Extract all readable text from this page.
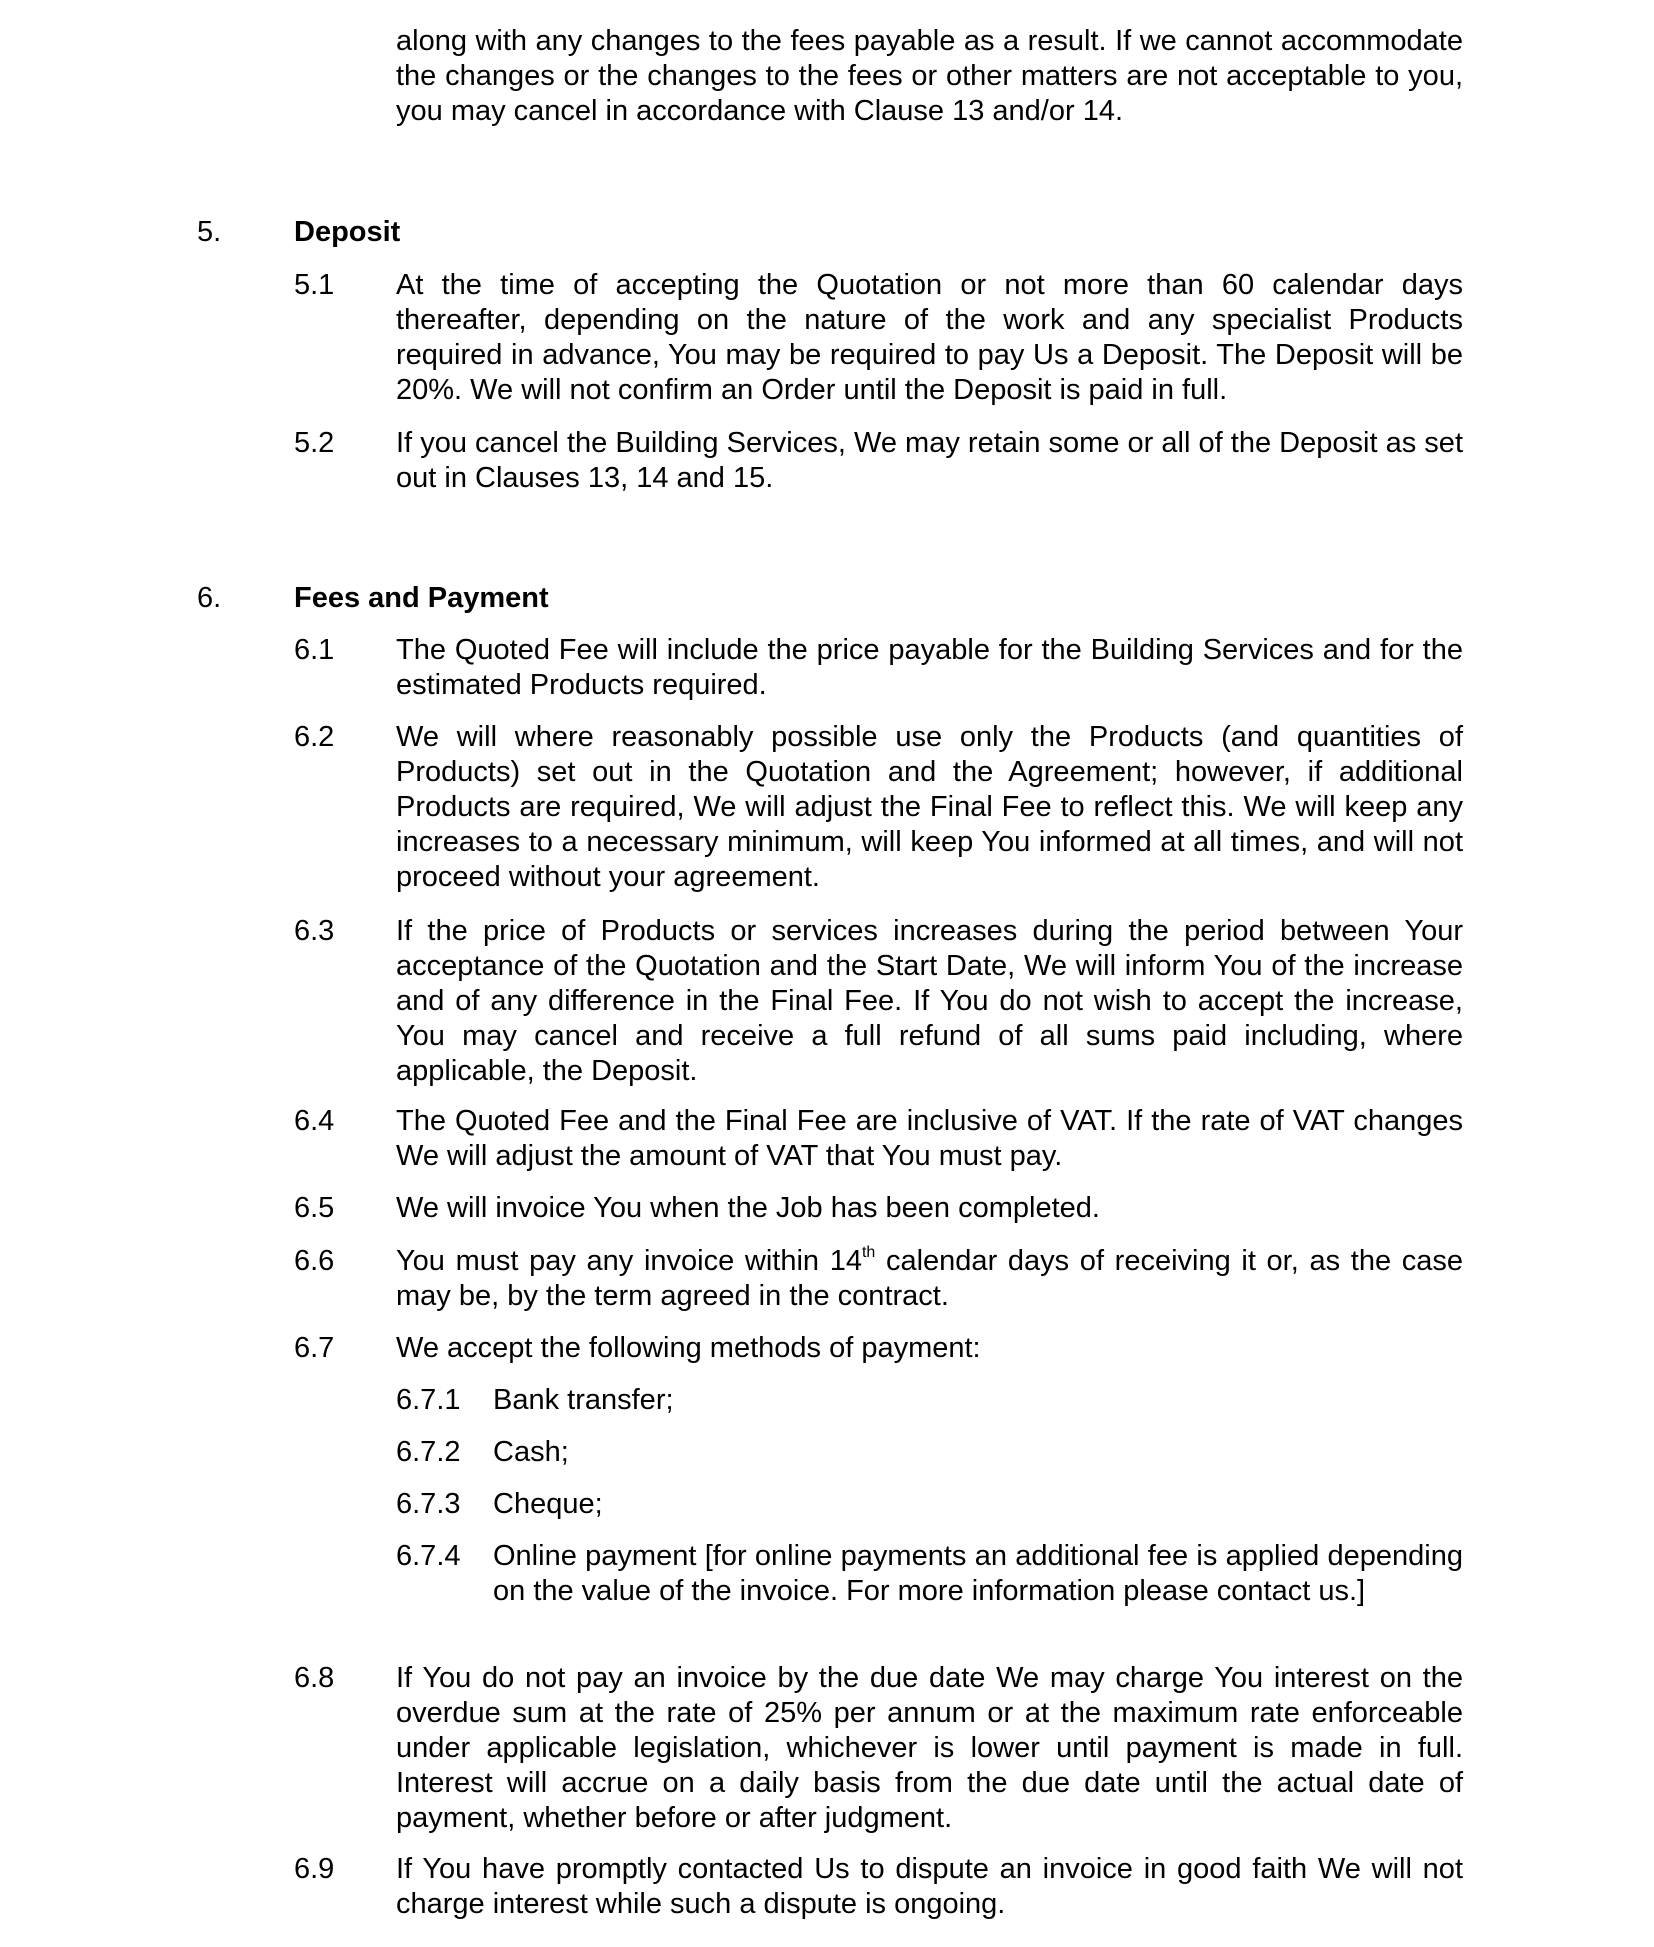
along with any changes to the fees payable as a result. If we cannot accommodate the changes or the changes to the fees or other matters are not acceptable to you, you may cancel in accordance with Clause 13 and/or 14.
5.	Deposit
5.1 At the time of accepting the Quotation or not more than 60 calendar days thereafter, depending on the nature of the work and any specialist Products required in advance, You may be required to pay Us a Deposit. The Deposit will be 20%. We will not confirm an Order until the Deposit is paid in full.
5.2 If you cancel the Building Services, We may retain some or all of the Deposit as set out in Clauses 13, 14 and 15.
6.	Fees and Payment
6.1 The Quoted Fee will include the price payable for the Building Services and for the estimated Products required.
6.2 We will where reasonably possible use only the Products (and quantities of Products) set out in the Quotation and the Agreement; however, if additional Products are required, We will adjust the Final Fee to reflect this. We will keep any increases to a necessary minimum, will keep You informed at all times, and will not proceed without your agreement.
6.3 If the price of Products or services increases during the period between Your acceptance of the Quotation and the Start Date, We will inform You of the increase and of any difference in the Final Fee. If You do not wish to accept the increase, You may cancel and receive a full refund of all sums paid including, where applicable, the Deposit.
6.4 The Quoted Fee and the Final Fee are inclusive of VAT. If the rate of VAT changes We will adjust the amount of VAT that You must pay.
6.5 We will invoice You when the Job has been completed.
6.6 You must pay any invoice within 14th calendar days of receiving it or, as the case may be, by the term agreed in the contract.
6.7 We accept the following methods of payment:
6.7.1 Bank transfer;
6.7.2 Cash;
6.7.3 Cheque;
6.7.4 Online payment [for online payments an additional fee is applied depending on the value of the invoice. For more information please contact us.]
6.8 If You do not pay an invoice by the due date We may charge You interest on the overdue sum at the rate of 25% per annum or at the maximum rate enforceable under applicable legislation, whichever is lower until payment is made in full. Interest will accrue on a daily basis from the due date until the actual date of payment, whether before or after judgment.
6.9 If You have promptly contacted Us to dispute an invoice in good faith We will not charge interest while such a dispute is ongoing.
